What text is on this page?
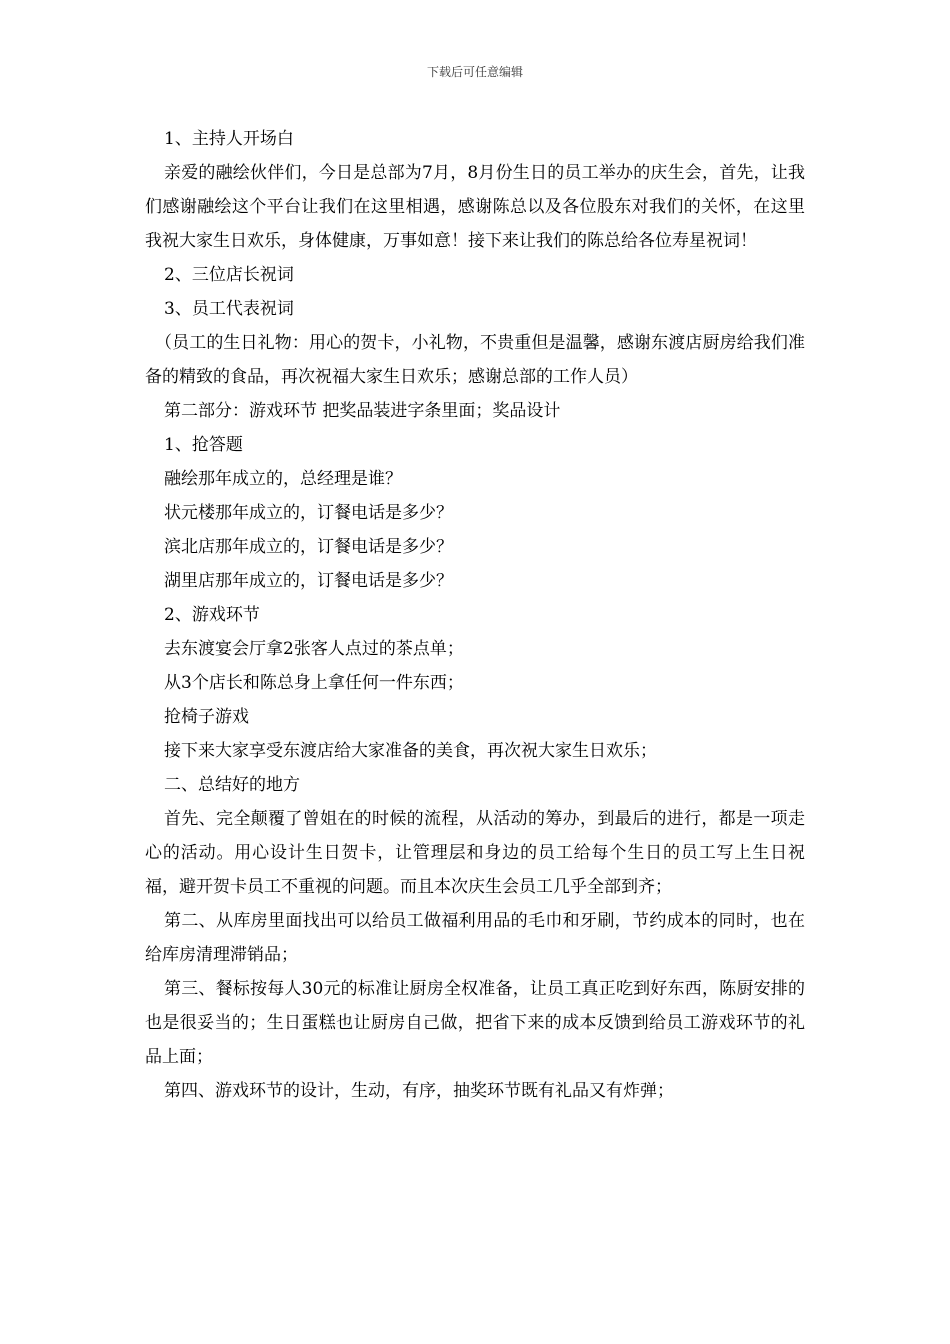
下载后可任意编辑

1、主持人开场白

亲爱的融绘伙伴们，今日是总部为7月，8月份生日的员工举办的庆生会，首先，让我们感谢融绘这个平台让我们在这里相遇，感谢陈总以及各位股东对我们的关怀，在这里我祝大家生日欢乐，身体健康，万事如意！接下来让我们的陈总给各位寿星祝词！

2、三位店长祝词

3、员工代表祝词

（员工的生日礼物：用心的贺卡，小礼物，不贵重但是温馨，感谢东渡店厨房给我们准备的精致的食品，再次祝福大家生日欢乐；感谢总部的工作人员）

第二部分：游戏环节 把奖品装进字条里面；奖品设计

1、抢答题

融绘那年成立的，总经理是谁？

状元楼那年成立的，订餐电话是多少？

滨北店那年成立的，订餐电话是多少？

湖里店那年成立的，订餐电话是多少？

2、游戏环节

去东渡宴会厅拿2张客人点过的茶点单；

从3个店长和陈总身上拿任何一件东西；

抢椅子游戏

接下来大家享受东渡店给大家准备的美食，再次祝大家生日欢乐；

二、总结好的地方

首先、完全颠覆了曾姐在的时候的流程，从活动的筹办，到最后的进行，都是一项走心的活动。用心设计生日贺卡，让管理层和身边的员工给每个生日的员工写上生日祝福，避开贺卡员工不重视的问题。而且本次庆生会员工几乎全部到齐；

第二、从库房里面找出可以给员工做福利用品的毛巾和牙刷，节约成本的同时，也在给库房清理滞销品；

第三、餐标按每人30元的标准让厨房全权准备，让员工真正吃到好东西，陈厨安排的也是很妥当的；生日蛋糕也让厨房自己做，把省下来的成本反馈到给员工游戏环节的礼品上面；

第四、游戏环节的设计，生动，有序，抽奖环节既有礼品又有炸弹；
